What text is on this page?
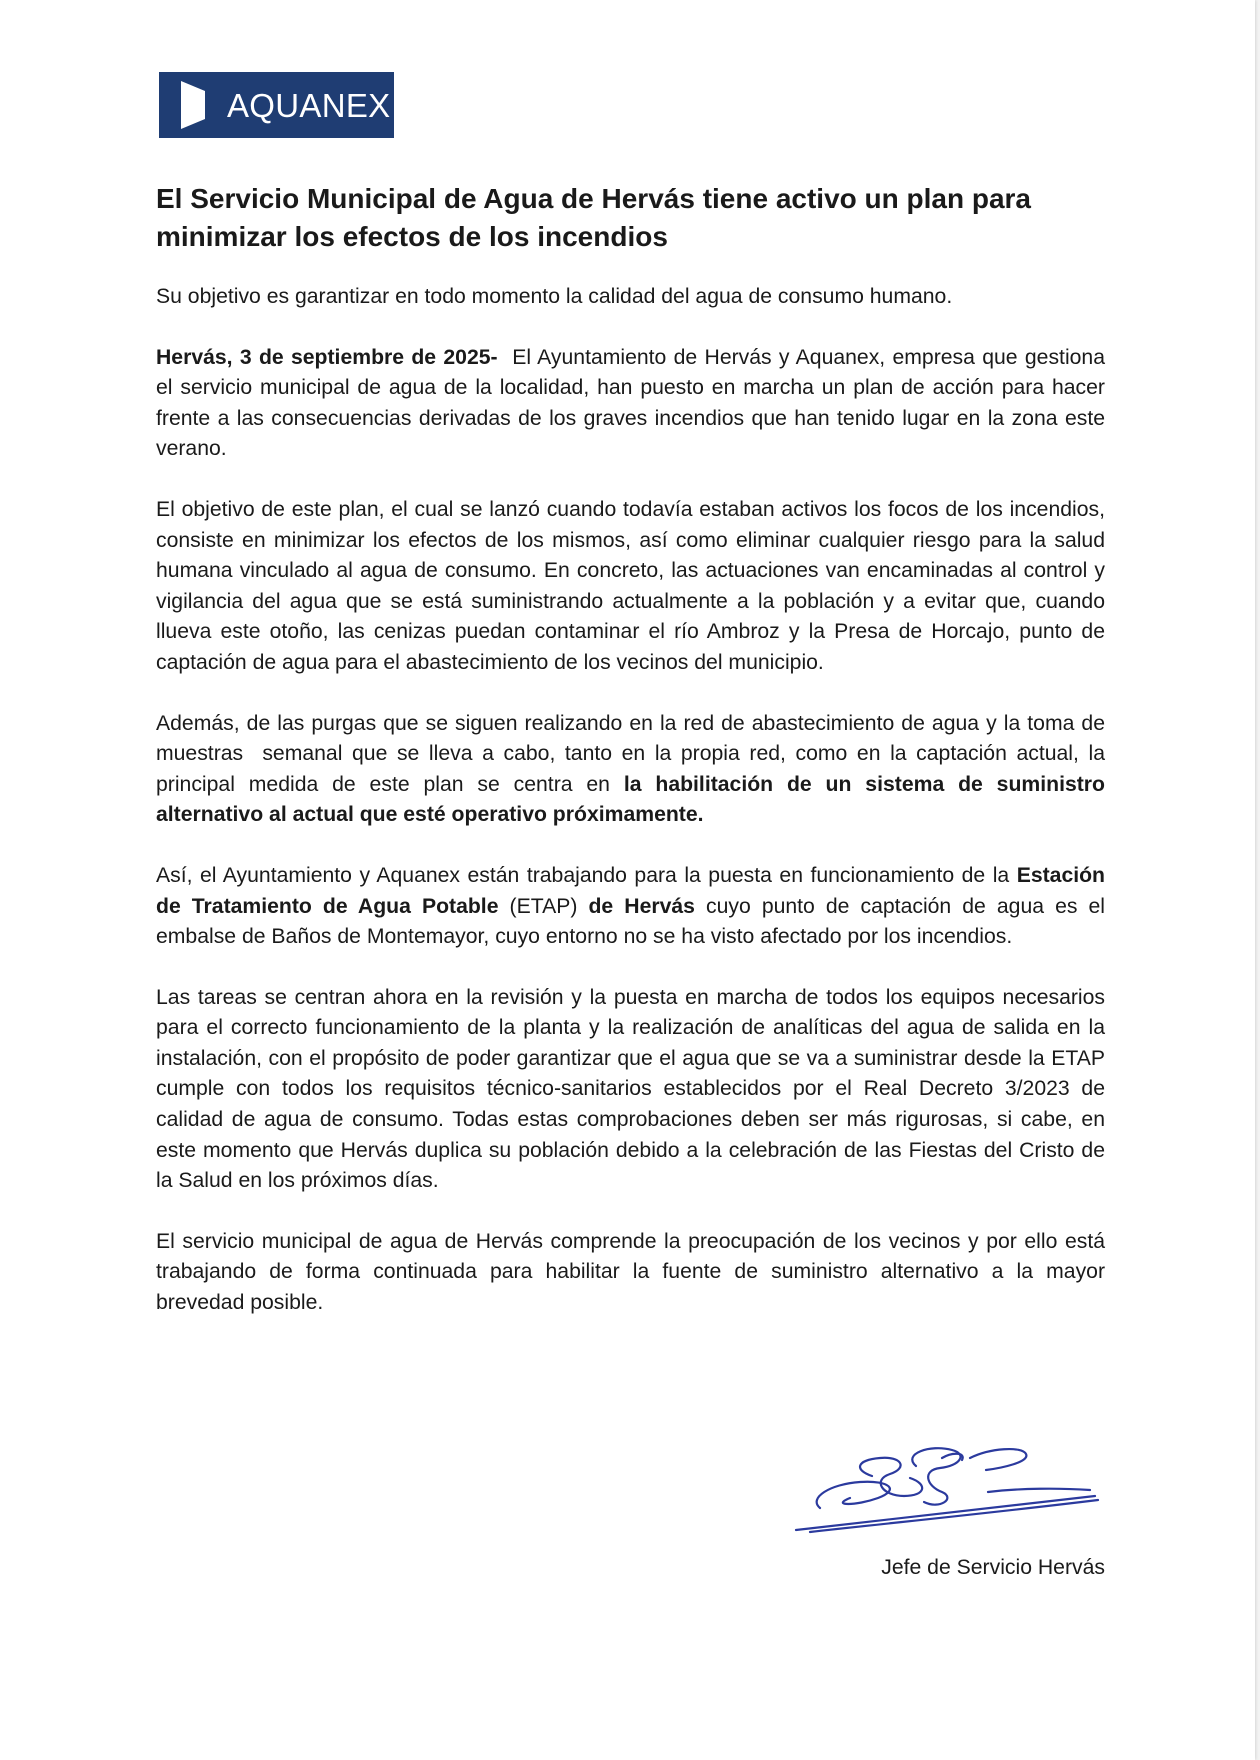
AQUANEX
El Servicio Municipal de Agua de Hervás tiene activo un plan para minimizar los efectos de los incendios

Su objetivo es garantizar en todo momento la calidad del agua de consumo humano.

Hervás, 3 de septiembre de 2025-  El Ayuntamiento de Hervás y Aquanex, empresa que gestiona el servicio municipal de agua de la localidad, han puesto en marcha un plan de acción para hacer frente a las consecuencias derivadas de los graves incendios que han tenido lugar en la zona este verano.

El objetivo de este plan, el cual se lanzó cuando todavía estaban activos los focos de los incendios, consiste en minimizar los efectos de los mismos, así como eliminar cualquier riesgo para la salud humana vinculado al agua de consumo. En concreto, las actuaciones van encaminadas al control y vigilancia del agua que se está suministrando actualmente a la población y a evitar que, cuando llueva este otoño, las cenizas puedan contaminar el río Ambroz y la Presa de Horcajo, punto de captación de agua para el abastecimiento de los vecinos del municipio.

Además, de las purgas que se siguen realizando en la red de abastecimiento de agua y la toma de muestras  semanal que se lleva a cabo, tanto en la propia red, como en la captación actual, la principal medida de este plan se centra en la habilitación de un sistema de suministro alternativo al actual que esté operativo próximamente.

Así, el Ayuntamiento y Aquanex están trabajando para la puesta en funcionamiento de la Estación de Tratamiento de Agua Potable (ETAP) de Hervás cuyo punto de captación de agua es el embalse de Baños de Montemayor, cuyo entorno no se ha visto afectado por los incendios.

Las tareas se centran ahora en la revisión y la puesta en marcha de todos los equipos necesarios para el correcto funcionamiento de la planta y la realización de analíticas del agua de salida en la instalación, con el propósito de poder garantizar que el agua que se va a suministrar desde la ETAP cumple con todos los requisitos técnico-sanitarios establecidos por el Real Decreto 3/2023 de calidad de agua de consumo. Todas estas comprobaciones deben ser más rigurosas, si cabe, en este momento que Hervás duplica su población debido a la celebración de las Fiestas del Cristo de la Salud en los próximos días.

El servicio municipal de agua de Hervás comprende la preocupación de los vecinos y por ello está trabajando de forma continuada para habilitar la fuente de suministro alternativo a la mayor brevedad posible.

Jefe de Servicio Hervás
